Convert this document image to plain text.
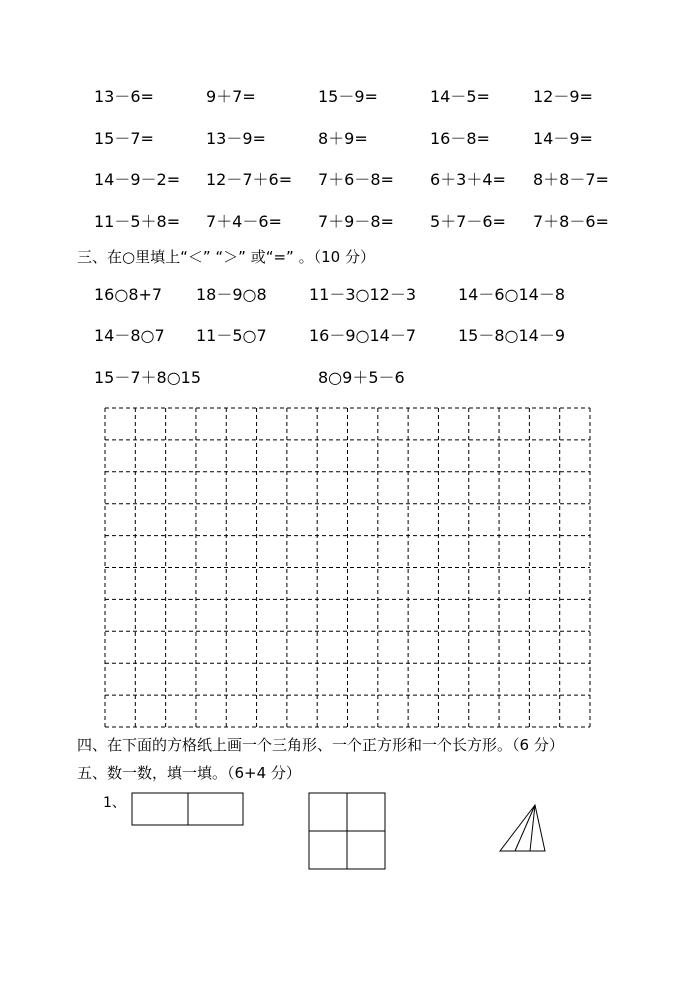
13－6=	9＋7=	15－9=	14－5=	12－9=
15－7=	13－9=	8＋9=	16－8=	14－9=
14－9－2= 12－7＋6= 7＋6－8= 6＋3＋4= 8＋8－7=
11－5＋8= 7＋4－6= 7＋9－8= 5＋7－6= 7＋8－6=
三、在○里填上“＜” “＞” 或“=” 。（10 分）
16○8+7 18－9○8	11－3○12－3	14－6○14－8
14－8○7 11－5○7	16－9○14－7	15－8○14－9
15－7＋8○15	8○9＋5－6
四、在下面的方格纸上画一个三角形、一个正方形和一个长方形。（6 分）
五、数一数，填一填。（6+4 分）
1、
